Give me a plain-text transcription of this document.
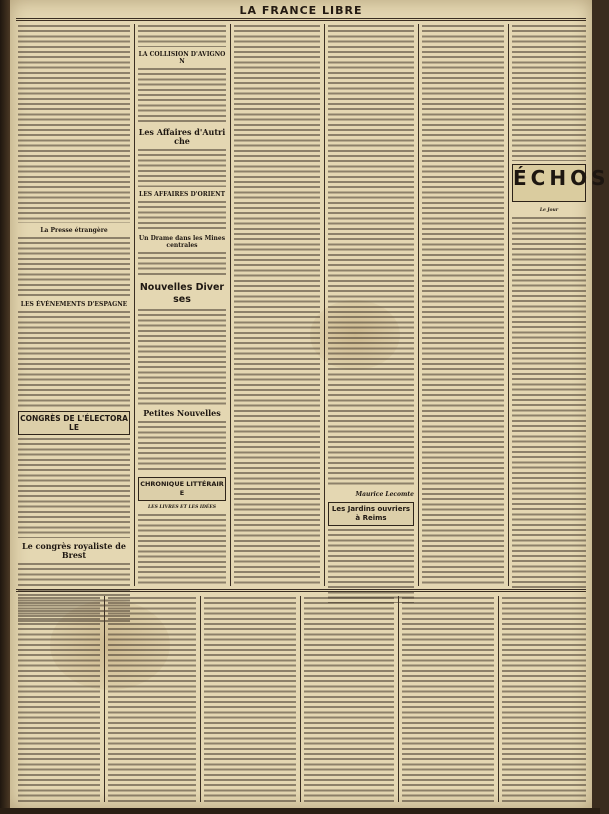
LA FRANCE LIBRE
La Presse étrangère
LES ÉVÉNEMENTS D'ESPAGNE
CONGRÈS DE L'ÉLECTORALE
Le congrès royaliste de Brest
LA COLLISION D'AVIGNON
Les Affaires d'Autriche
LES AFFAIRES D'ORIENT
Un Drame dans les Mines centrales
Nouvelles Diverses
Petites Nouvelles
CHRONIQUE LITTÉRAIRE
LES LIVRES ET LES IDÉES
Maurice Lecomte
Les Jardins ouvriers à Reims
ÉCHOS
Le Jour
